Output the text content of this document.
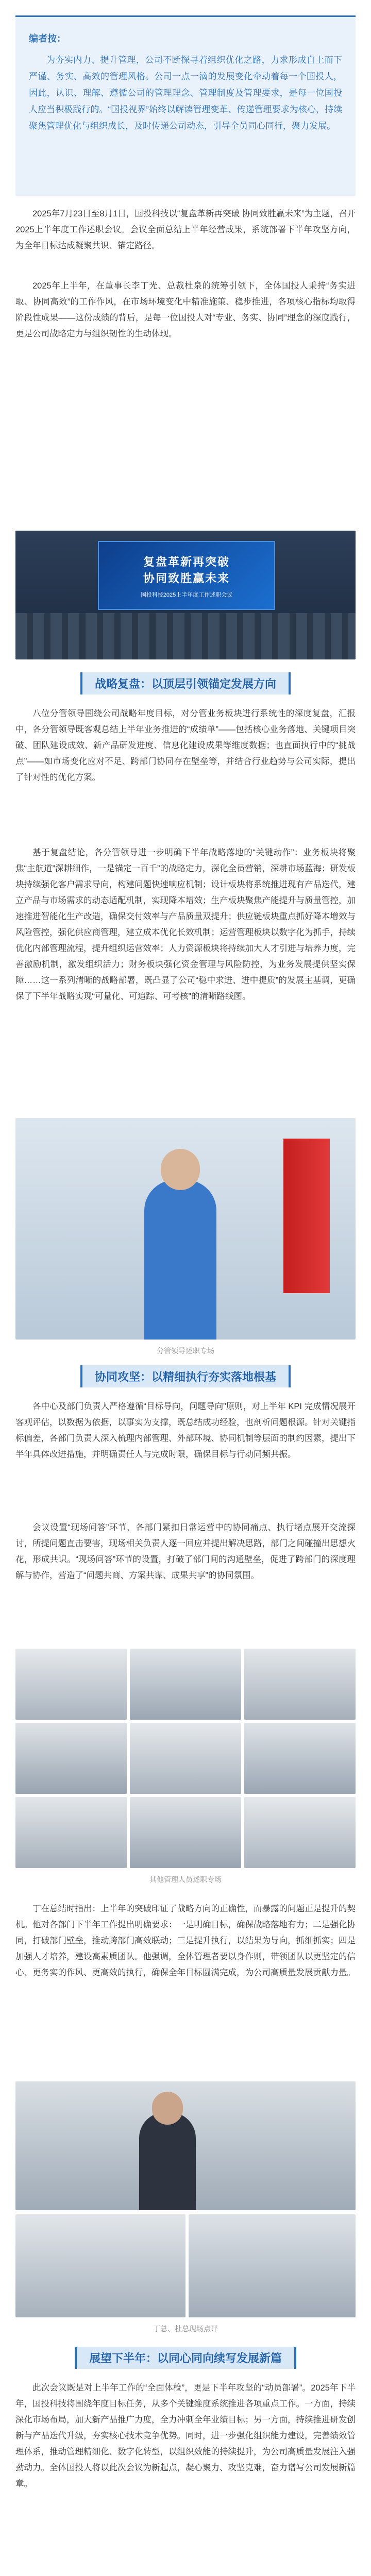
编者按：

为夯实内力、提升管理，公司不断探寻着组织优化之路，力求形成自上而下严谨、务实、高效的管理风格。公司一点一滴的发展变化牵动着每一个国投人，因此，认识、理解、遵循公司的管理理念、管理制度及管理要求，是每一位国投人应当积极践行的。“国投视界”始终以解读管理变革、传递管理要求为核心，持续聚焦管理优化与组织成长，及时传递公司动态，引导全员同心同行，聚力发展。

2025年7月23日至8月1日，国投科技以“复盘革新再突破 协同致胜赢未来”为主题，召开2025上半年度工作述职会议。会议全面总结上半年经营成果，系统部署下半年攻坚方向，为全年目标达成凝聚共识、锚定路径。

2025年上半年，在董事长李丁光、总裁杜泉的统筹引领下，全体国投人秉持“务实进取、协同高效”的工作作风，在市场环境变化中精准施策、稳步推进，各项核心指标均取得阶段性成果——这份成绩的背后，是每一位国投人对“专业、务实、协同”理念的深度践行，更是公司战略定力与组织韧性的生动体现。

复盘革新再突破
协同致胜赢未来
国投科技2025上半年度工作述职会议
战略复盘：以顶层引领锚定发展方向

八位分管领导围绕公司战略年度目标，对分管业务板块进行系统性的深度复盘，汇报中，各分管领导既客观总结上半年业务推进的“成绩单”——包括核心业务落地、关键项目突破、团队建设成效、新产品研发进度、信息化建设成果等维度数据；也直面执行中的“挑战点”——如市场变化应对不足、跨部门协同存在壁垒等，并结合行业趋势与公司实际，提出了针对性的优化方案。

基于复盘结论，各分管领导进一步明确下半年战略落地的“关键动作”：业务板块将聚焦“主航道”深耕细作，一是锚定一百千”的战略定力，深化全员营销，深耕市场蓝海；研发板块持续强化客户需求导向，构建问题快速响应机制；设计板块将系统推进现有产品迭代，建立产品与市场需求的动态适配机制，实现降本增效；生产板块聚焦产能提升与质量管控，加速推进智能化生产改造，确保交付效率与产品质量双提升；供应链板块重点抓好降本增效与风险管控，强化供应商管理，建立成本优化长效机制；运营管理板块以数字化为抓手，持续优化内部管理流程，提升组织运营效率；人力资源板块将持续加大人才引进与培养力度，完善激励机制，激发组织活力；财务板块强化资金管理与风险防控，为业务发展提供坚实保障……这一系列清晰的战略部署，既凸显了公司“稳中求进、进中提质”的发展主基调，更确保了下半年战略实现“可量化、可追踪、可考核”的清晰路线图。

分管领导述职专场
协同攻坚：以精细执行夯实落地根基

各中心及部门负责人严格遵循“目标导向，问题导向”原则，对上半年 KPI 完成情况展开客观评估，以数据为依据，以事实为支撑，既总结成功经验，也剖析问题根源。针对关键指标偏差，各部门负责人深入梳理内部管理、外部环境、协同机制等层面的制约因素，提出下半年具体改进措施，并明确责任人与完成时限，确保目标与行动同频共振。

会议设置“现场问答”环节，各部门紧扣日常运营中的协同痛点、执行堵点展开交流探讨，所提问题直击要害，现场相关负责人逐一回应并提出解决思路，部门之间碰撞出思想火花，形成共识。“现场问答”环节的设置，打破了部门间的沟通壁垒，促进了跨部门的深度理解与协作，营造了“问题共商、方案共谋、成果共享”的协同氛围。

其他管理人员述职专场

丁在总结时指出：上半年的突破印证了战略方向的正确性，而暴露的问题正是提升的契机。他对各部门下半年工作提出明确要求：一是明确目标，确保战略落地有力；二是强化协同，打破部门壁垒，推动跨部门高效联动；三是提升执行，以结果为导向，抓细抓实；四是加强人才培养，建设高素质团队。他强调，全体管理者要以身作则，带领团队以更坚定的信心、更务实的作风、更高效的执行，确保全年目标圆满完成，为公司高质量发展贡献力量。

丁总、杜总现场点评
展望下半年：以同心同向续写发展新篇

此次会议既是对上半年工作的“全面体检”，更是下半年攻坚的“动员部署”。2025年下半年，国投科技将围绕年度目标任务，从多个关键维度系统推进各项重点工作。一方面，持续深化市场布局，加大新产品推广力度，全力冲刺全年业绩目标；另一方面，持续推进研发创新与产品迭代升级，夯实核心技术竞争优势。同时，进一步强化组织能力建设，完善绩效管理体系，推动管理精细化、数字化转型，以组织效能的持续提升，为公司高质量发展注入强劲动力。全体国投人将以此次会议为新起点，凝心聚力、攻坚克难，奋力谱写公司发展新篇章。
